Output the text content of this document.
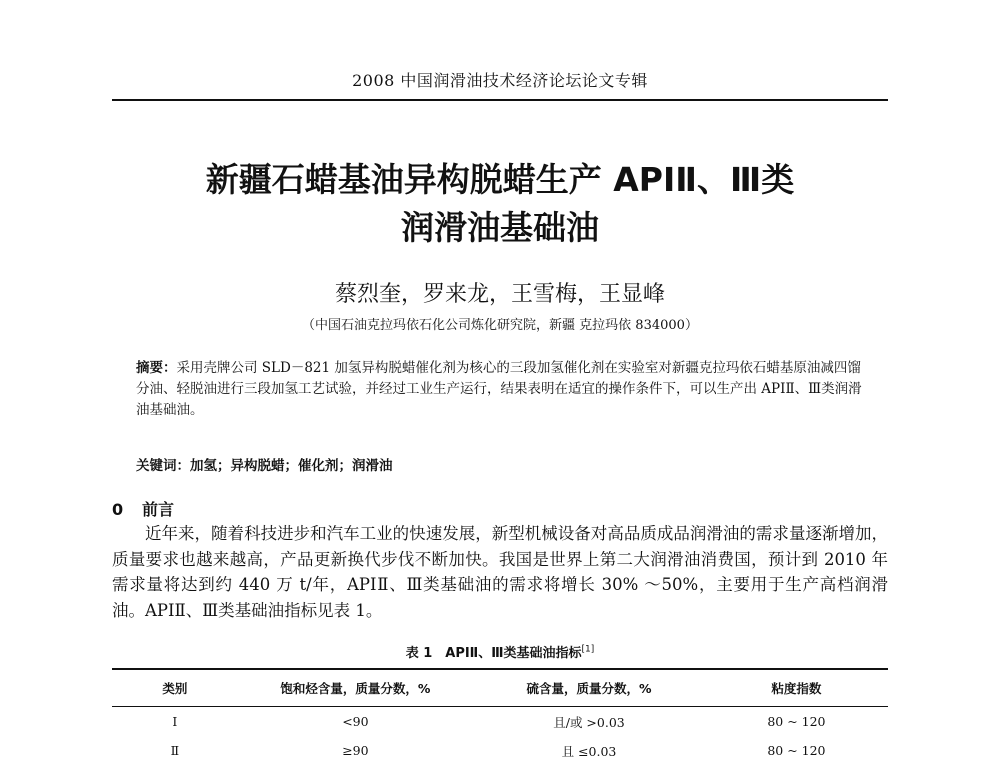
2008 中国润滑油技术经济论坛论文专辑
新疆石蜡基油异构脱蜡生产 APIⅡ、Ⅲ类
润滑油基础油
蔡烈奎，罗来龙，王雪梅，王显峰
（中国石油克拉玛依石化公司炼化研究院，新疆 克拉玛依 834000）
摘要：采用壳牌公司 SLD－821 加氢异构脱蜡催化剂为核心的三段加氢催化剂在实验室对新疆克拉玛依石蜡基原油减四馏分油、轻脱油进行三段加氢工艺试验，并经过工业生产运行，结果表明在适宜的操作条件下，可以生产出 APIⅡ、Ⅲ类润滑油基础油。
关键词：加氢；异构脱蜡；催化剂；润滑油
0 前言

近年来，随着科技进步和汽车工业的快速发展，新型机械设备对高品质成品润滑油的需求量逐渐增加，质量要求也越来越高，产品更新换代步伐不断加快。我国是世界上第二大润滑油消费国，预计到 2010 年需求量将达到约 440 万 t/年，APIⅡ、Ⅲ类基础油的需求将增长 30% ～50%，主要用于生产高档润滑油。APIⅡ、Ⅲ类基础油指标见表 1。

表 1　APIⅡ、Ⅲ类基础油指标[1]
类别	饱和烃含量，质量分数，%	硫含量，质量分数，%	粘度指数
Ⅰ	<90	且/或 >0.03	80 ~ 120
Ⅱ	≥90	且 ≤0.03	80 ~ 120
